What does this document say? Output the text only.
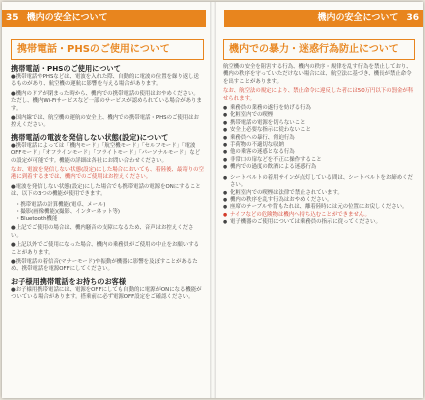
35 機内の安全について
携帯電話・PHSのご使用について
携帯電話・PHSのご使用について
●携帯電話やPHSなどは、電波を入れた際、自動的に電波の位置を繰り返し送るものがあり、航空機の運航に影響を与える場合があります。
●機内のドアが閉まった時から、機内での携帯電話の使用はおやめください。ただし、機内Wi-Fiサービスなど一部のサービスが認められている場合があります。
●国内線では、航空機の運航の安全上、機内での携帯電話・PHSのご使用はお控えください。
携帯電話の電波を発信しない状態(設定)について
●携帯電話によっては「機内モード」「航空機モード」「セルフモード」「電波OFFモード」「オフラインモード」「フライトモード」「パーソナルモード」などの設定が可能です。機能の詳細は各社にお問い合わせください。
なお、電波を発信しない状態(設定)にした場合においても、着陸後、最寄りの空港に到着するまでは、機内でのご使用はお控えください。
●電波を発信しない状態(設定)にした場合でも携帯電話の電源をONにすることは、以下の3つの機能が使用できます。
・携帯電話の計算機能(電卓、メール)
・撮影(画像機能)(撮影、インターネット等)
・Bluetooth機能
●上記でご使用の場合は、機内騒音の支障になるため、音声はお控えください。
●上記以外でご使用になった場合、機内の乗務員がご使用の中止をお願いすることがあります。
●携帯電話の着信音(マナーモード)や振動が機器に影響を及ぼすことがあるため、携帯電話を電源OFFにしてください。
お子様用携帯電話をお持ちのお客様
●お子様用携帯電話には、電源をOFFにしても自動的に電源がONになる機能がついている場合があります。搭乗前に必ず電源OFF設定をご確認ください。
機内の安全について 36
機内での暴力・迷惑行為防止について
航空機の安全を阻害する行為、機内の秩序・規律を乱す行為を禁止しており、機内の秩序を守っていただけない場合には、航空法に基づき、機長が禁止命令を出すことがあります。
なお、航空法の規定により、禁止命令に違反した者には50万円以下の罰金が科せられます。
● 乗務員の業務の遂行を妨げる行為
● 化粧室内での喫煙
● 携帯電話の電源を切らないこと
● 安全上必要な指示に従わないこと
● 乗務員への暴行、脅迫行為
● 手荷物の不適切な収納
● 他の乗客の迷惑となる行為
● 非常口の扉などを不正に操作すること
● 機内での過度の飲酒による迷惑行為
● シートベルトの着用サインが点灯している間は、シートベルトをお締めください。
● 化粧室内での喫煙は法律で禁止されています。
● 機内の秩序を乱す行為はおやめください。
● 座席のテーブルや背もたれは、離着陸時には元の位置にお戻しください。
● ナイフなどの危険物は機内へ持ち込むことができません。
● 電子機器のご使用については乗務員の指示に従ってください。
